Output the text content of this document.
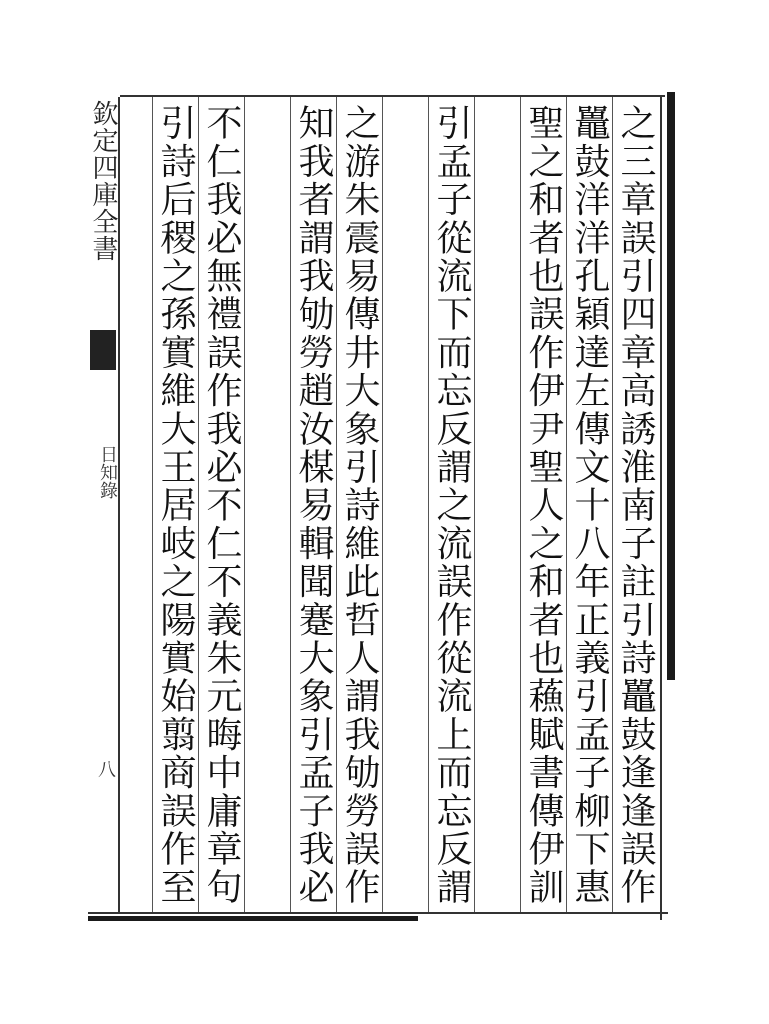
欽定四庫全書
日知錄
八	之三章誤引四章高誘淮南子註引詩鼉鼓逢逢誤作
鼉鼓洋洋孔穎達左傳文十八年正義引孟子柳下惠
聖之和者也誤作伊尹聖人之和者也蘓賦書傳伊訓
引孟子從流下而忘反謂之流誤作從流上而忘反謂
之游朱震易傳井大象引詩維此哲人謂我劬勞誤作
知我者謂我劬勞趙汝楳易輯聞蹇大象引孟子我必
不仁我必無禮誤作我必不仁不義朱元晦中庸章句
引詩后稷之孫實維大王居岐之陽實始翦商誤作至
